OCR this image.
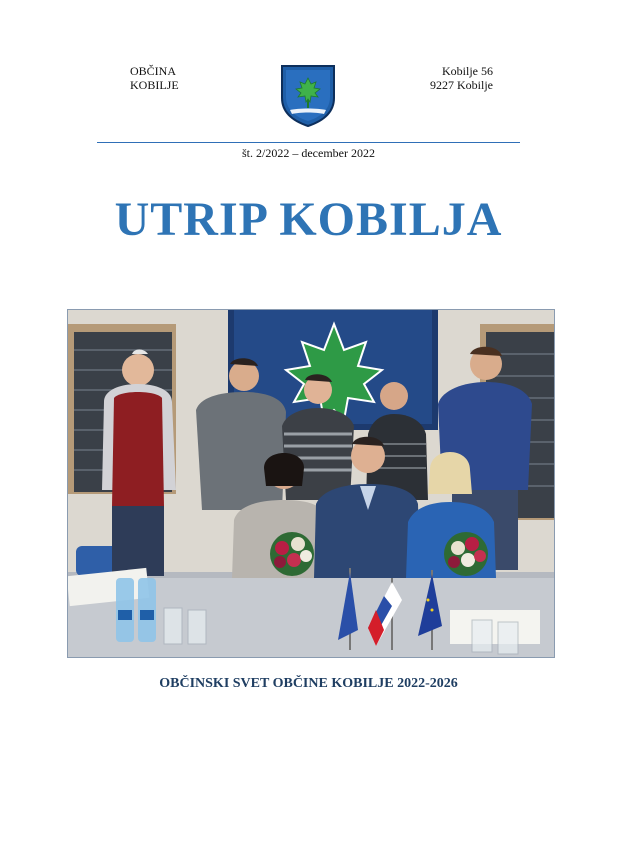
OBČINA
KOBILJE
Kobilje 56
9227 Kobilje
št. 2/2022 – december 2022
UTRIP KOBILJA
OBČINSKI SVET OBČINE KOBILJE 2022-2026
